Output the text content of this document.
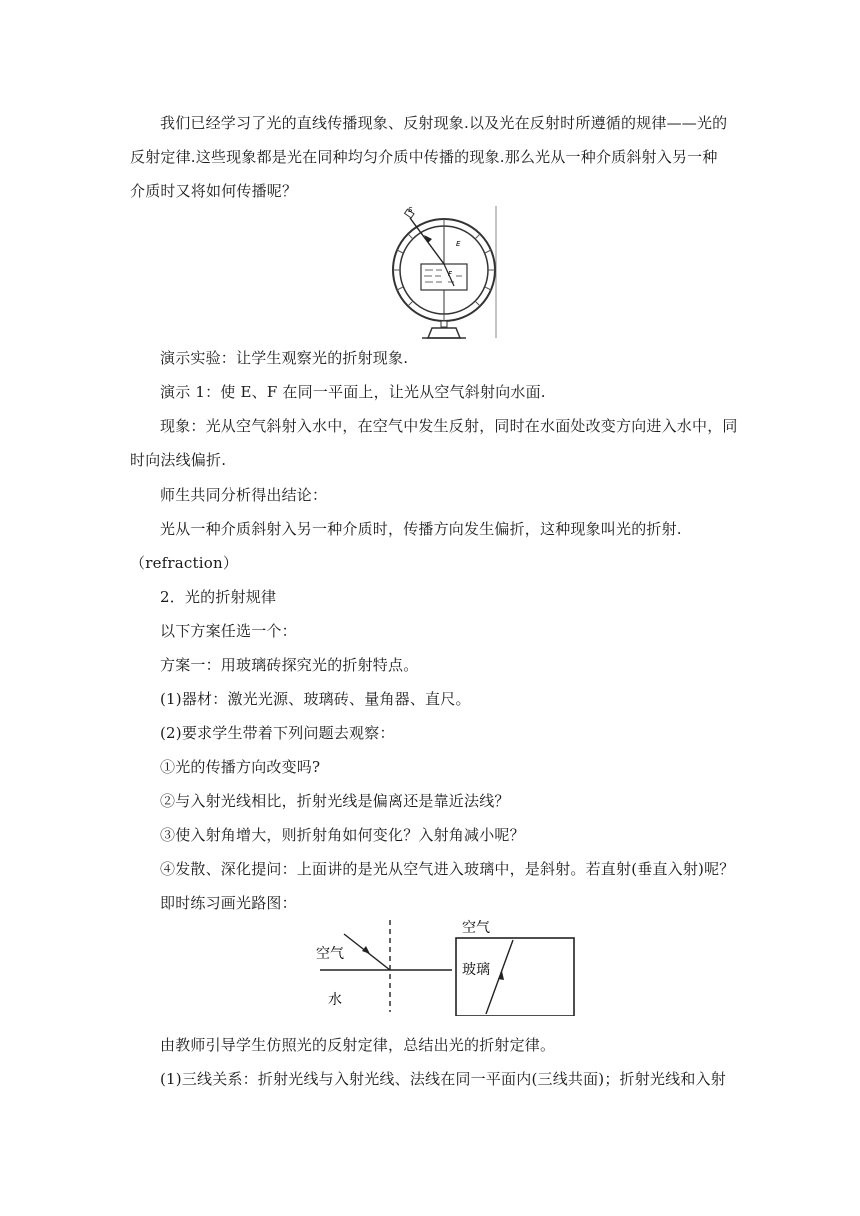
我们已经学习了光的直线传播现象、反射现象.以及光在反射时所遵循的规律——光的
反射定律.这些现象都是光在同种均匀介质中传播的现象.那么光从一种介质斜射入另一种
介质时又将如何传播呢？
S
E
F
演示实验：让学生观察光的折射现象.
演示 1：使 E、F 在同一平面上，让光从空气斜射向水面.
现象：光从空气斜射入水中，在空气中发生反射，同时在水面处改变方向进入水中，同
时向法线偏折.
师生共同分析得出结论：
光从一种介质斜射入另一种介质时，传播方向发生偏折，这种现象叫光的折射.
（refraction）
2．光的折射规律
以下方案任选一个：
方案一：用玻璃砖探究光的折射特点。
(1)器材：激光光源、玻璃砖、量角器、直尺。
(2)要求学生带着下列问题去观察：
①光的传播方向改变吗?
②与入射光线相比，折射光线是偏离还是靠近法线？
③使入射角增大，则折射角如何变化？入射角减小呢？
④发散、深化提问：上面讲的是光从空气进入玻璃中，是斜射。若直射(垂直入射)呢？
即时练习画光路图：
空气
水
空气
玻璃
由教师引导学生仿照光的反射定律，总结出光的折射定律。
(1)三线关系：折射光线与入射光线、法线在同一平面内(三线共面)；折射光线和入射
